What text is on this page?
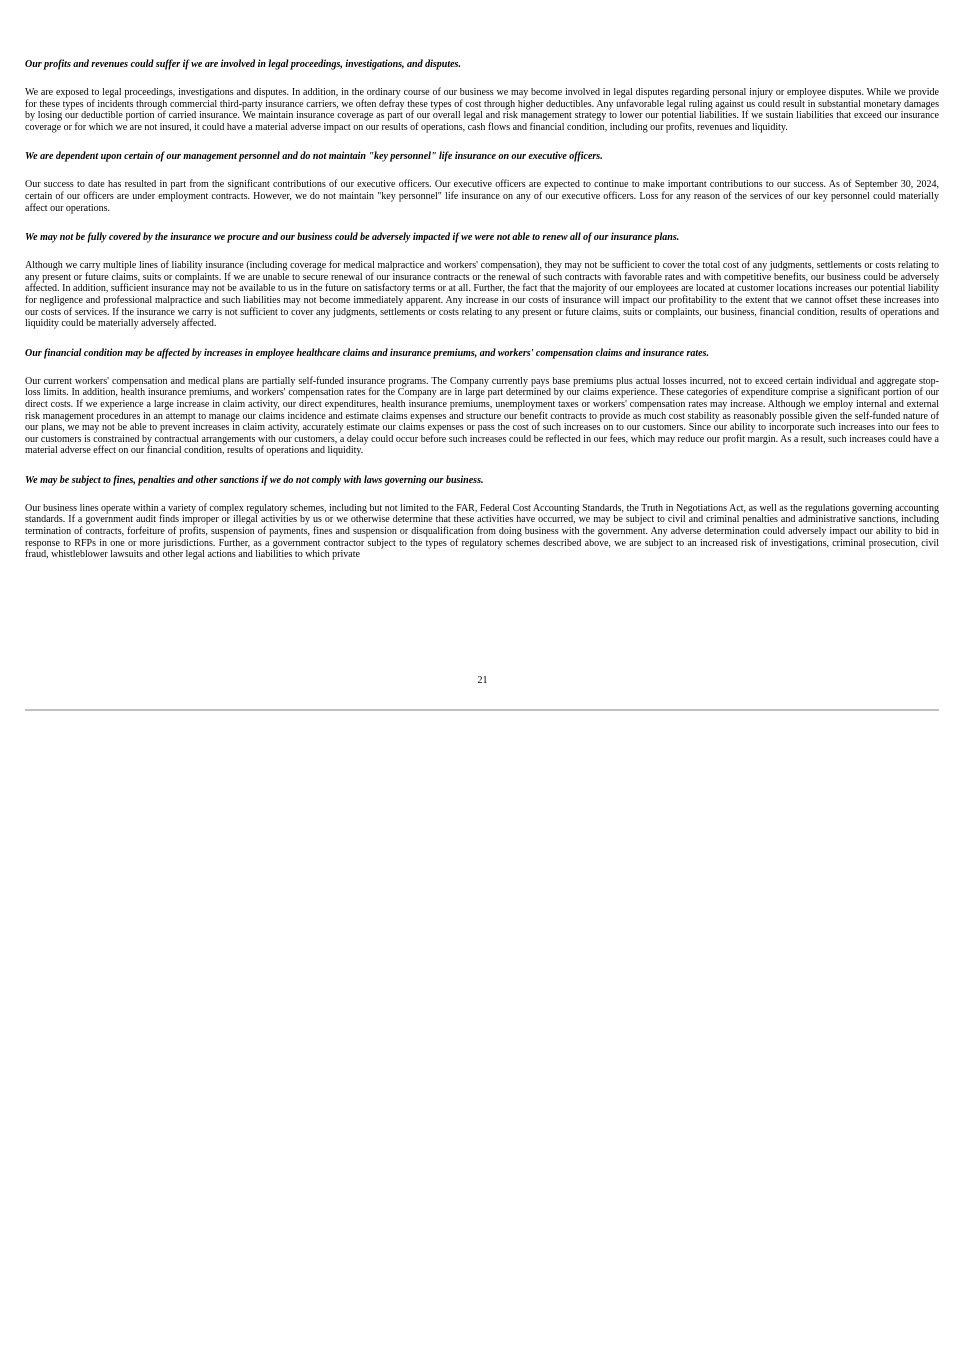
Our profits and revenues could suffer if we are involved in legal proceedings, investigations, and disputes.

We are exposed to legal proceedings, investigations and disputes. In addition, in the ordinary course of our business we may become involved in legal disputes regarding personal injury or employee disputes. While we provide for these types of incidents through commercial third-party insurance carriers, we often defray these types of cost through higher deductibles. Any unfavorable legal ruling against us could result in substantial monetary damages by losing our deductible portion of carried insurance. We maintain insurance coverage as part of our overall legal and risk management strategy to lower our potential liabilities. If we sustain liabilities that exceed our insurance coverage or for which we are not insured, it could have a material adverse impact on our results of operations, cash flows and financial condition, including our profits, revenues and liquidity.

We are dependent upon certain of our management personnel and do not maintain "key personnel" life insurance on our executive officers.

Our success to date has resulted in part from the significant contributions of our executive officers. Our executive officers are expected to continue to make important contributions to our success. As of September 30, 2024, certain of our officers are under employment contracts. However, we do not maintain "key personnel" life insurance on any of our executive officers. Loss for any reason of the services of our key personnel could materially affect our operations.

We may not be fully covered by the insurance we procure and our business could be adversely impacted if we were not able to renew all of our insurance plans.

Although we carry multiple lines of liability insurance (including coverage for medical malpractice and workers' compensation), they may not be sufficient to cover the total cost of any judgments, settlements or costs relating to any present or future claims, suits or complaints. If we are unable to secure renewal of our insurance contracts or the renewal of such contracts with favorable rates and with competitive benefits, our business could be adversely affected. In addition, sufficient insurance may not be available to us in the future on satisfactory terms or at all. Further, the fact that the majority of our employees are located at customer locations increases our potential liability for negligence and professional malpractice and such liabilities may not become immediately apparent. Any increase in our costs of insurance will impact our profitability to the extent that we cannot offset these increases into our costs of services. If the insurance we carry is not sufficient to cover any judgments, settlements or costs relating to any present or future claims, suits or complaints, our business, financial condition, results of operations and liquidity could be materially adversely affected.

Our financial condition may be affected by increases in employee healthcare claims and insurance premiums, and workers' compensation claims and insurance rates.

Our current workers' compensation and medical plans are partially self-funded insurance programs. The Company currently pays base premiums plus actual losses incurred, not to exceed certain individual and aggregate stop-loss limits. In addition, health insurance premiums, and workers' compensation rates for the Company are in large part determined by our claims experience. These categories of expenditure comprise a significant portion of our direct costs. If we experience a large increase in claim activity, our direct expenditures, health insurance premiums, unemployment taxes or workers' compensation rates may increase. Although we employ internal and external risk management procedures in an attempt to manage our claims incidence and estimate claims expenses and structure our benefit contracts to provide as much cost stability as reasonably possible given the self-funded nature of our plans, we may not be able to prevent increases in claim activity, accurately estimate our claims expenses or pass the cost of such increases on to our customers. Since our ability to incorporate such increases into our fees to our customers is constrained by contractual arrangements with our customers, a delay could occur before such increases could be reflected in our fees, which may reduce our profit margin. As a result, such increases could have a material adverse effect on our financial condition, results of operations and liquidity.

We may be subject to fines, penalties and other sanctions if we do not comply with laws governing our business.

Our business lines operate within a variety of complex regulatory schemes, including but not limited to the FAR, Federal Cost Accounting Standards, the Truth in Negotiations Act, as well as the regulations governing accounting standards. If a government audit finds improper or illegal activities by us or we otherwise determine that these activities have occurred, we may be subject to civil and criminal penalties and administrative sanctions, including termination of contracts, forfeiture of profits, suspension of payments, fines and suspension or disqualification from doing business with the government. Any adverse determination could adversely impact our ability to bid in response to RFPs in one or more jurisdictions. Further, as a government contractor subject to the types of regulatory schemes described above, we are subject to an increased risk of investigations, criminal prosecution, civil fraud, whistleblower lawsuits and other legal actions and liabilities to which private

21
